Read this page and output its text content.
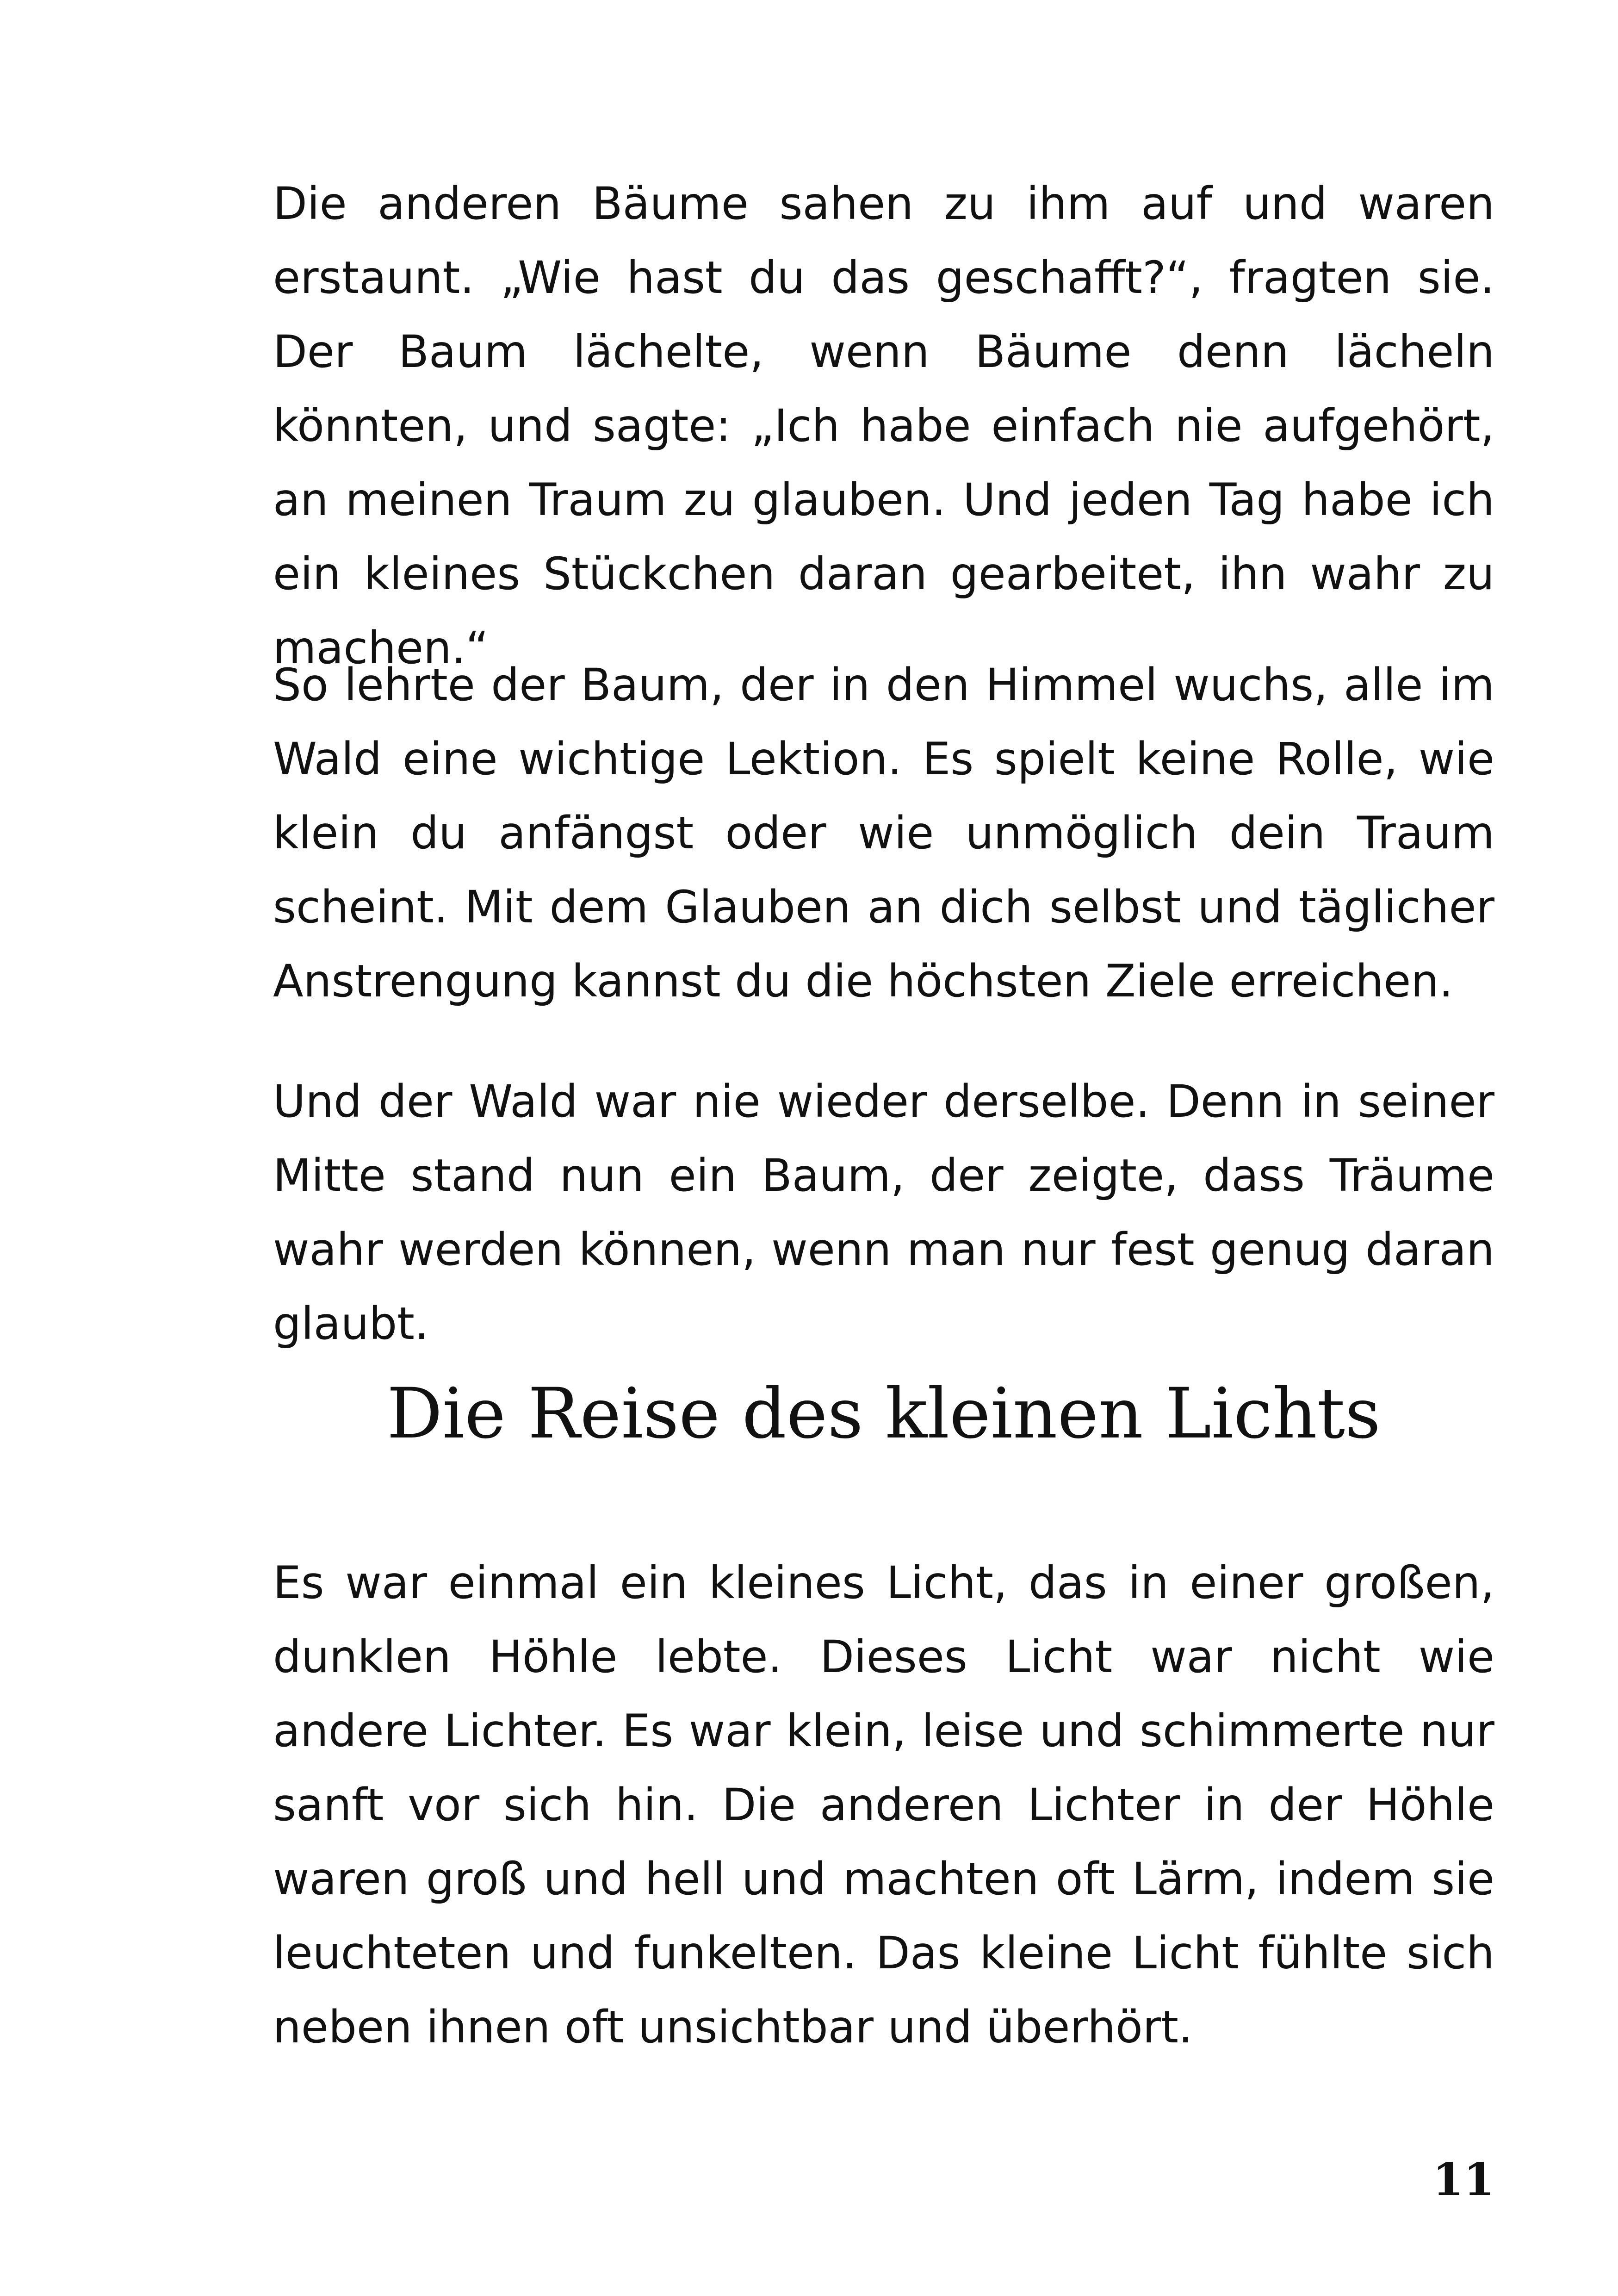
Die anderen Bäume sahen zu ihm auf und waren erstaunt. „Wie hast du das geschafft?“, fragten sie. Der Baum lächelte, wenn Bäume denn lächeln könnten, und sagte: „Ich habe einfach nie aufgehört, an meinen Traum zu glauben. Und jeden Tag habe ich ein kleines Stückchen daran gearbeitet, ihn wahr zu machen.“

So lehrte der Baum, der in den Himmel wuchs, alle im Wald eine wichtige Lektion. Es spielt keine Rolle, wie klein du anfängst oder wie unmöglich dein Traum scheint. Mit dem Glauben an dich selbst und täglicher Anstrengung kannst du die höchsten Ziele erreichen.

Und der Wald war nie wieder derselbe. Denn in seiner Mitte stand nun ein Baum, der zeigte, dass Träume wahr werden können, wenn man nur fest genug daran glaubt.

Die Reise des kleinen Lichts

Es war einmal ein kleines Licht, das in einer großen, dunklen Höhle lebte. Dieses Licht war nicht wie andere Lichter. Es war klein, leise und schimmerte nur sanft vor sich hin. Die anderen Lichter in der Höhle waren groß und hell und machten oft Lärm, indem sie leuchteten und funkelten. Das kleine Licht fühlte sich neben ihnen oft unsichtbar und überhört.

11
